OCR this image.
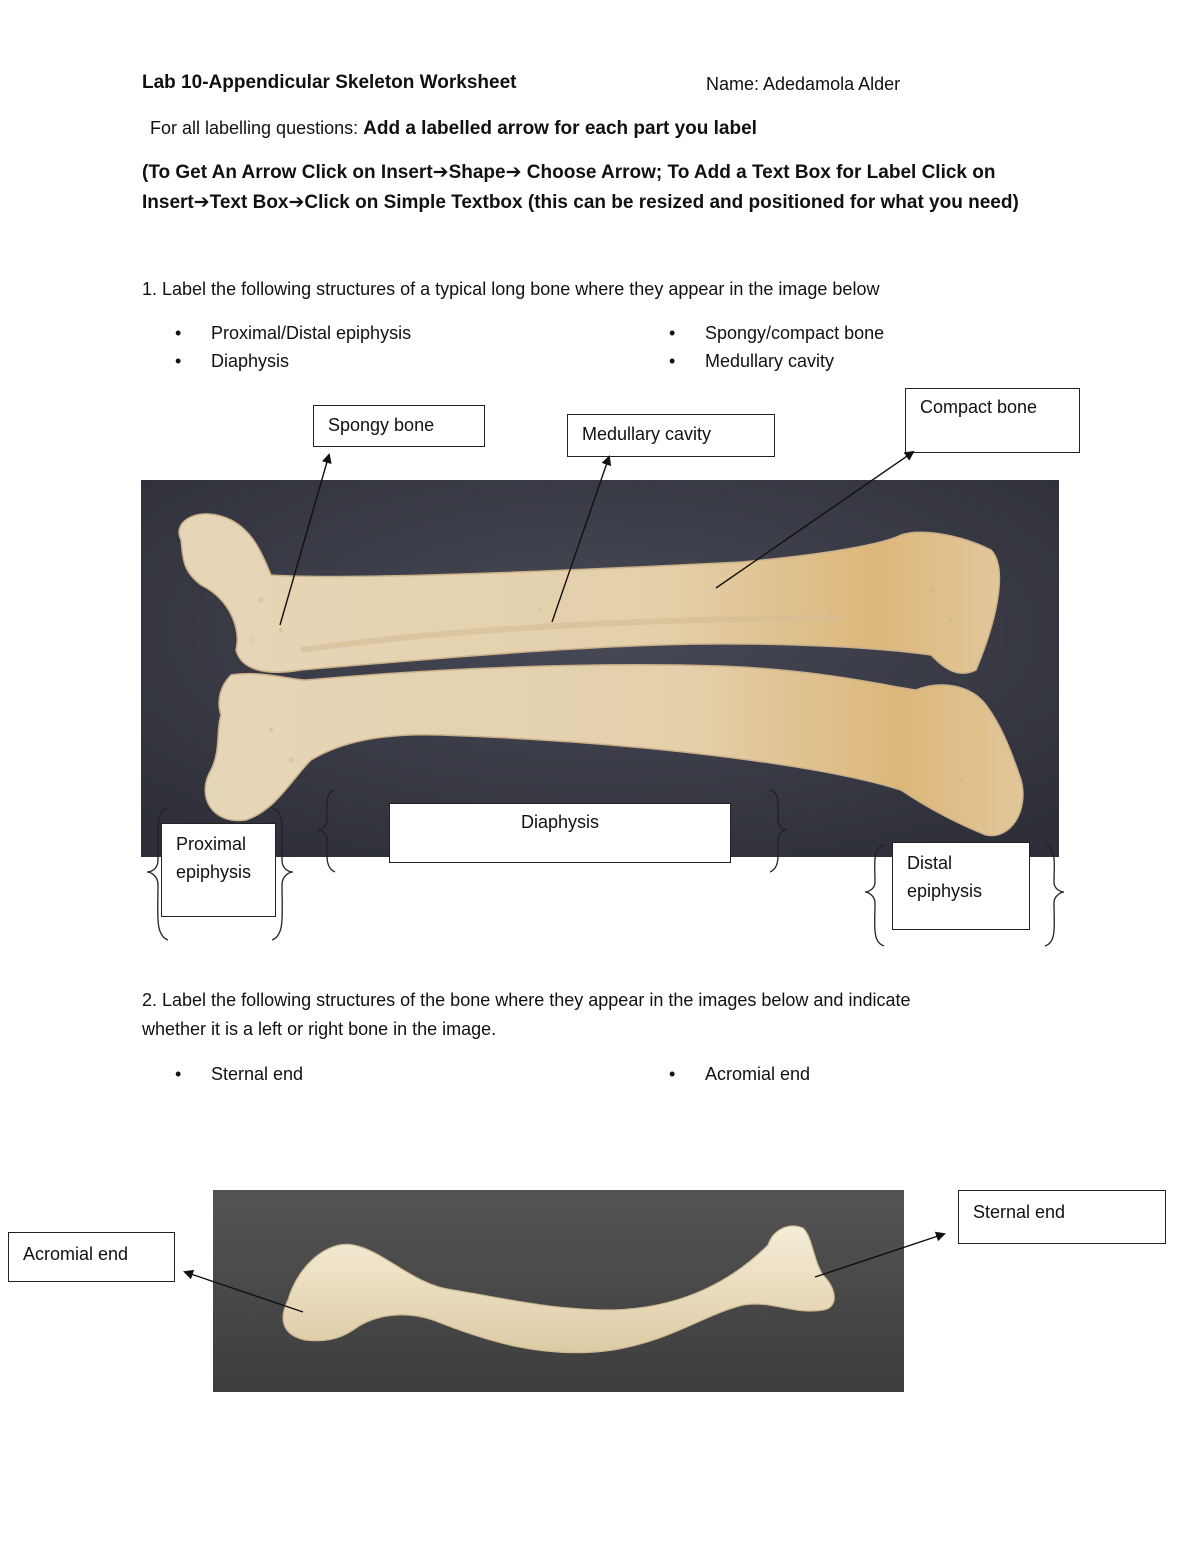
Lab 10-Appendicular Skeleton Worksheet	Name: Adedamola Alder
For all labelling questions: Add a labelled arrow for each part you label
(To Get An Arrow Click on Insert➔Shape➔ Choose Arrow; To Add a Text Box for Label Click on
Insert➔Text Box➔Click on Simple Textbox (this can be resized and positioned for what you need)
1. Label the following structures of a typical long bone where they appear in the image below
• Proximal/Distal epiphysis
• Diaphysis
• Spongy/compact bone
• Medullary cavity
Spongy bone	Medullary cavity
Compact bone
Diaphysis
Proximal
epiphysis	Distal
epiphysis
2. Label the following structures of the bone where they appear in the images below and indicate
whether it is a left or right bone in the image.
• Sternal end	• Acromial end
Sternal end
Acromial end
